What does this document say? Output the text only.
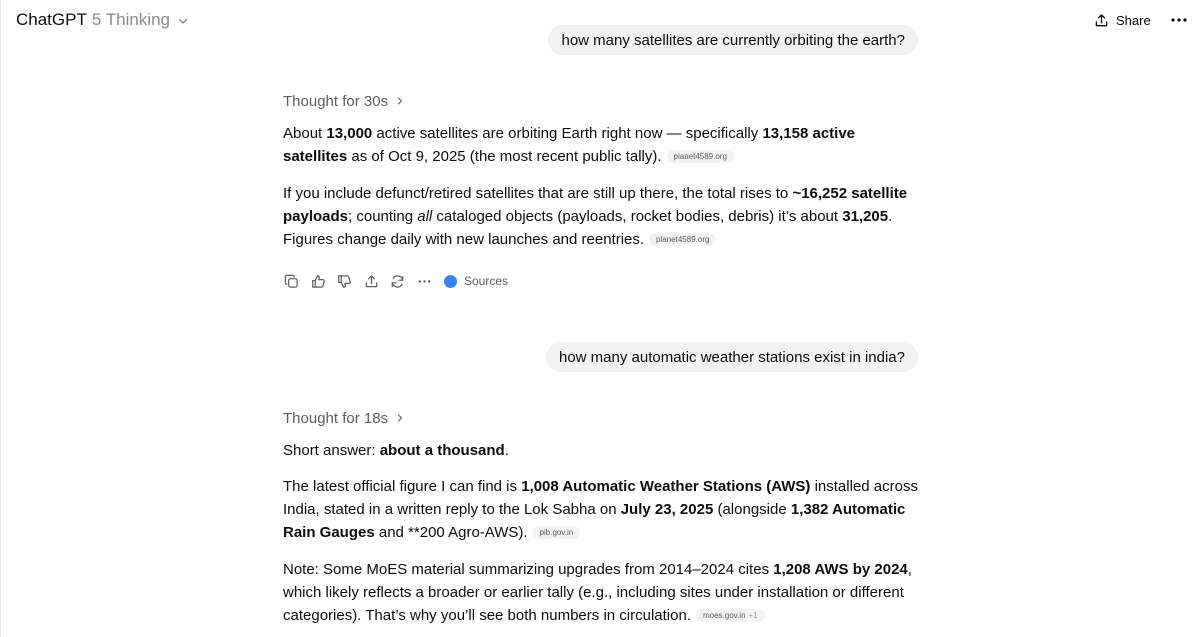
ChatGPT 5 Thinking	Share
how many satellites are currently orbiting the earth?
Thought for 30s
About 13,000 active satellites are orbiting Earth right now — specifically 13,158 active satellites as of Oct 9, 2025 (the most recent public tally). planet4589.org
If you include defunct/retired satellites that are still up there, the total rises to ~16,252 satellite payloads; counting all cataloged objects (payloads, rocket bodies, debris) it’s about 31,205. Figures change daily with new launches and reentries. planet4589.org
Sources
how many automatic weather stations exist in india?
Thought for 18s
Short answer: about a thousand.
The latest official figure I can find is 1,008 Automatic Weather Stations (AWS) installed across India, stated in a written reply to the Lok Sabha on July 23, 2025 (alongside 1,382 Automatic Rain Gauges and **200 Agro-AWS). pib.gov.in
Note: Some MoES material summarizing upgrades from 2014–2024 cites 1,208 AWS by 2024, which likely reflects a broader or earlier tally (e.g., including sites under installation or different categories). That’s why you’ll see both numbers in circulation. moes.gov.in +1
